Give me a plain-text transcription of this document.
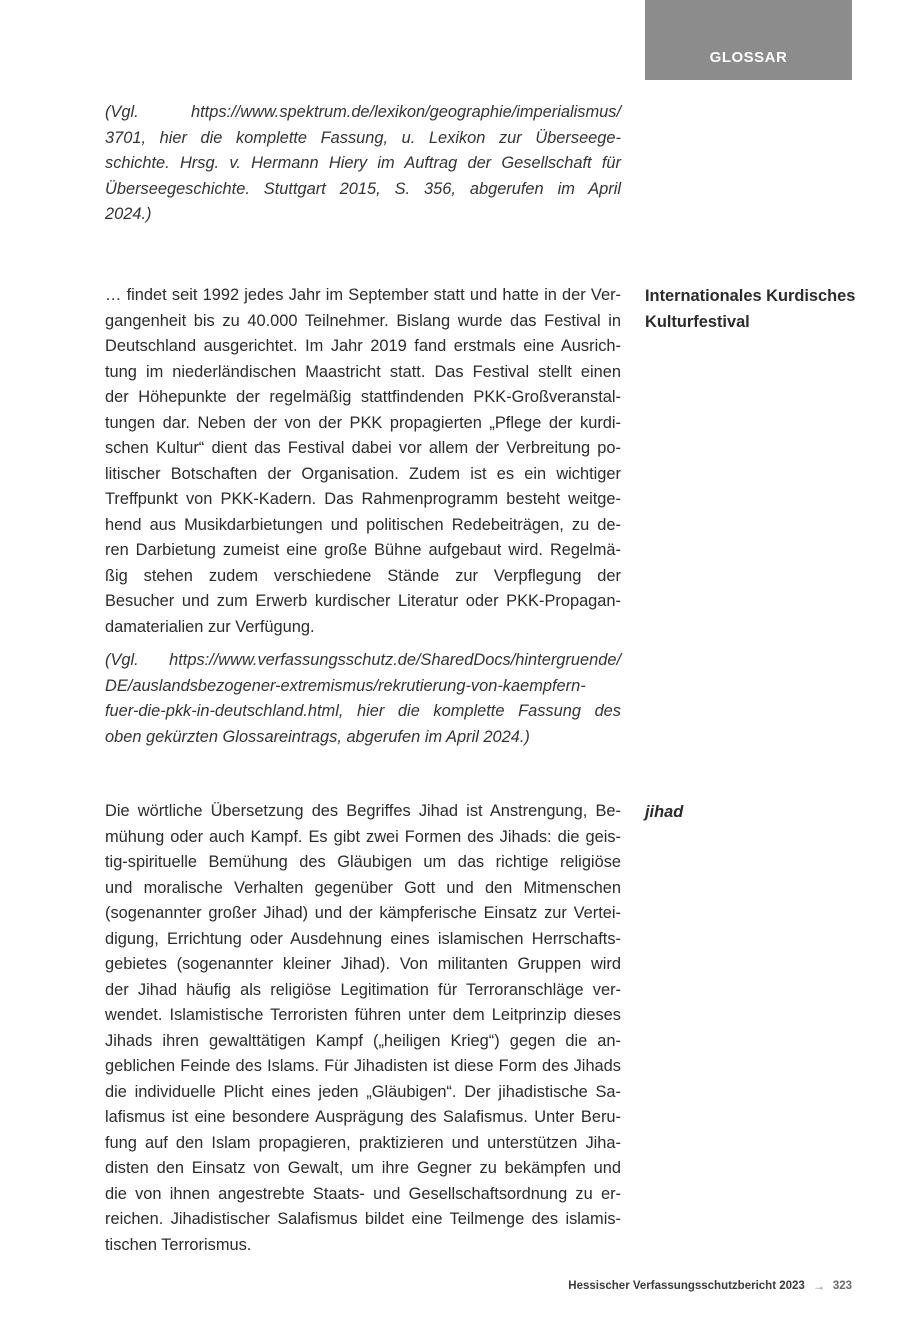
GLOSSAR

(Vgl. https://www.spektrum.de/lexikon/geographie/imperialismus/
3701, hier die komplette Fassung, u. Lexikon zur Überseege-
schichte. Hrsg. v. Hermann Hiery im Auftrag der Gesellschaft für
Überseegeschichte. Stuttgart 2015, S. 356, abgerufen im April
2024.)

Internationales Kurdisches Kulturfestival

… findet seit 1992 jedes Jahr im September statt und hatte in der Ver-
gangenheit bis zu 40.000 Teilnehmer. Bislang wurde das Festival in
Deutschland ausgerichtet. Im Jahr 2019 fand erstmals eine Ausrich-
tung im niederländischen Maastricht statt. Das Festival stellt einen
der Höhepunkte der regelmäßig stattfindenden PKK-Großveranstal-
tungen dar. Neben der von der PKK propagierten „Pflege der kurdi-
schen Kultur“ dient das Festival dabei vor allem der Verbreitung po-
litischer Botschaften der Organisation. Zudem ist es ein wichtiger
Treffpunkt von PKK-Kadern. Das Rahmenprogramm besteht weitge-
hend aus Musikdarbietungen und politischen Redebeiträgen, zu de-
ren Darbietung zumeist eine große Bühne aufgebaut wird. Regelmä-
ßig stehen zudem verschiedene Stände zur Verpflegung der
Besucher und zum Erwerb kurdischer Literatur oder PKK-Propagan-
damaterialien zur Verfügung.

(Vgl. https://www.verfassungsschutz.de/SharedDocs/hintergruende/
DE/auslandsbezogener-extremismus/rekrutierung-von-kaempfern-
fuer-die-pkk-in-deutschland.html, hier die komplette Fassung des
oben gekürzten Glossareintrags, abgerufen im April 2024.)

jihad

Die wörtliche Übersetzung des Begriffes Jihad ist Anstrengung, Be-
mühung oder auch Kampf. Es gibt zwei Formen des Jihads: die geis-
tig-spirituelle Bemühung des Gläubigen um das richtige religiöse
und moralische Verhalten gegenüber Gott und den Mitmenschen
(sogenannter großer Jihad) und der kämpferische Einsatz zur Vertei-
digung, Errichtung oder Ausdehnung eines islamischen Herrschafts-
gebietes (sogenannter kleiner Jihad). Von militanten Gruppen wird
der Jihad häufig als religiöse Legitimation für Terroranschläge ver-
wendet. Islamistische Terroristen führen unter dem Leitprinzip dieses
Jihads ihren gewalttätigen Kampf („heiligen Krieg“) gegen die an-
geblichen Feinde des Islams. Für Jihadisten ist diese Form des Jihads
die individuelle Plicht eines jeden „Gläubigen“. Der jihadistische Sa-
lafismus ist eine besondere Ausprägung des Salafismus. Unter Beru-
fung auf den Islam propagieren, praktizieren und unterstützen Jiha-
disten den Einsatz von Gewalt, um ihre Gegner zu bekämpfen und
die von ihnen angestrebte Staats- und Gesellschaftsordnung zu er-
reichen. Jihadistischer Salafismus bildet eine Teilmenge des islamis-
tischen Terrorismus.

Hessischer Verfassungsschutzbericht 2023 → 323
